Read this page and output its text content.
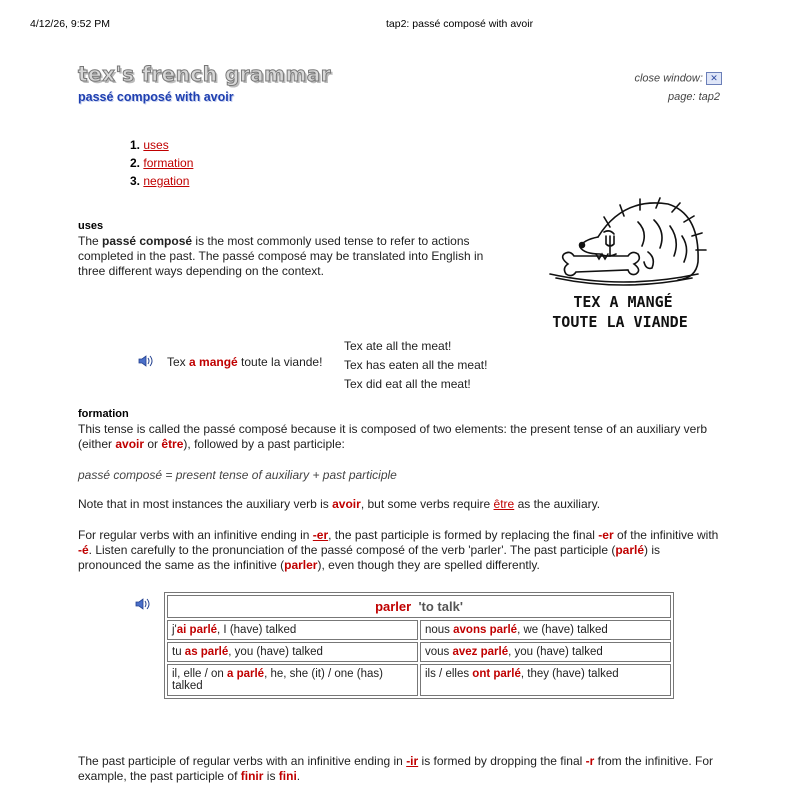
4/12/26, 9:52 PM	tap2: passé composé with avoir
tex's french grammar
passé composé with avoir
close window: ✕
page: tap2
1. uses
2. formation
3. negation
uses

The passé composé is the most commonly used tense to refer to actions completed in the past. The passé composé may be translated into English in three different ways depending on the context.

TEX A MANGÉ
TOUTE LA VIANDE
Tex a mangé toute la viande!
Tex ate all the meat!
Tex has eaten all the meat!
Tex did eat all the meat!
formation

This tense is called the passé composé because it is composed of two elements: the present tense of an auxiliary verb (either avoir or être), followed by a past participle:

passé composé = present tense of auxiliary + past participle

Note that in most instances the auxiliary verb is avoir, but some verbs require être as the auxiliary.

For regular verbs with an infinitive ending in -er, the past participle is formed by replacing the final -er of the infinitive with -é. Listen carefully to the pronunciation of the passé composé of the verb 'parler'. The past participle (parlé) is pronounced the same as the infinitive (parler), even though they are spelled differently.

parler 'to talk'	
j'ai parlé, I (have) talked	nous avons parlé, we (have) talked
tu as parlé, you (have) talked	vous avez parlé, you (have) talked
il, elle / on a parlé, he, she (it) / one (has) talked	ils / elles ont parlé, they (have) talked

The past participle of regular verbs with an infinitive ending in -ir is formed by dropping the final -r from the infinitive. For example, the past participle of finir is fini.
